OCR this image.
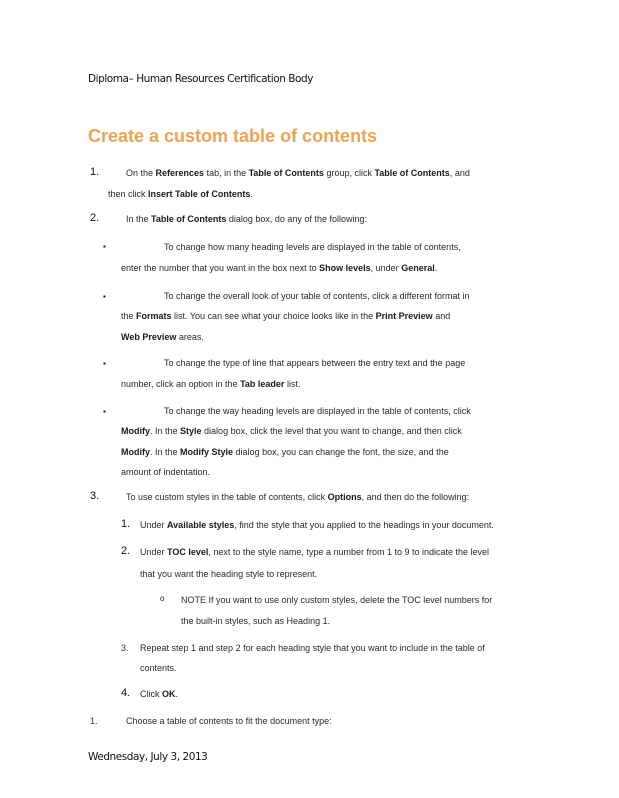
Diploma– Human Resources Certification Body
Create a custom table of contents
1.	On the References tab, in the Table of Contents group, click Table of Contents, and
then click Insert Table of Contents.
2.	In the Table of Contents dialog box, do any of the following:
▪	To change how many heading levels are displayed in the table of contents,
enter the number that you want in the box next to Show levels, under General.
▪	To change the overall look of your table of contents, click a different format in
the Formats list. You can see what your choice looks like in the Print Preview and
Web Preview areas.
▪	To change the type of line that appears between the entry text and the page
number, click an option in the Tab leader list.
▪	To change the way heading levels are displayed in the table of contents, click
Modify. In the Style dialog box, click the level that you want to change, and then click
Modify. In the Modify Style dialog box, you can change the font, the size, and the
amount of indentation.
3.	To use custom styles in the table of contents, click Options, and then do the following:
1. Under Available styles, find the style that you applied to the headings in your document.
2. Under TOC level, next to the style name, type a number from 1 to 9 to indicate the level
that you want the heading style to represent.
o NOTE If you want to use only custom styles, delete the TOC level numbers for
the built-in styles, such as Heading 1.
3. Repeat step 1 and step 2 for each heading style that you want to include in the table of
contents.
4. Click OK.
1.	Choose a table of contents to fit the document type:
Wednesday, July 3, 2013
